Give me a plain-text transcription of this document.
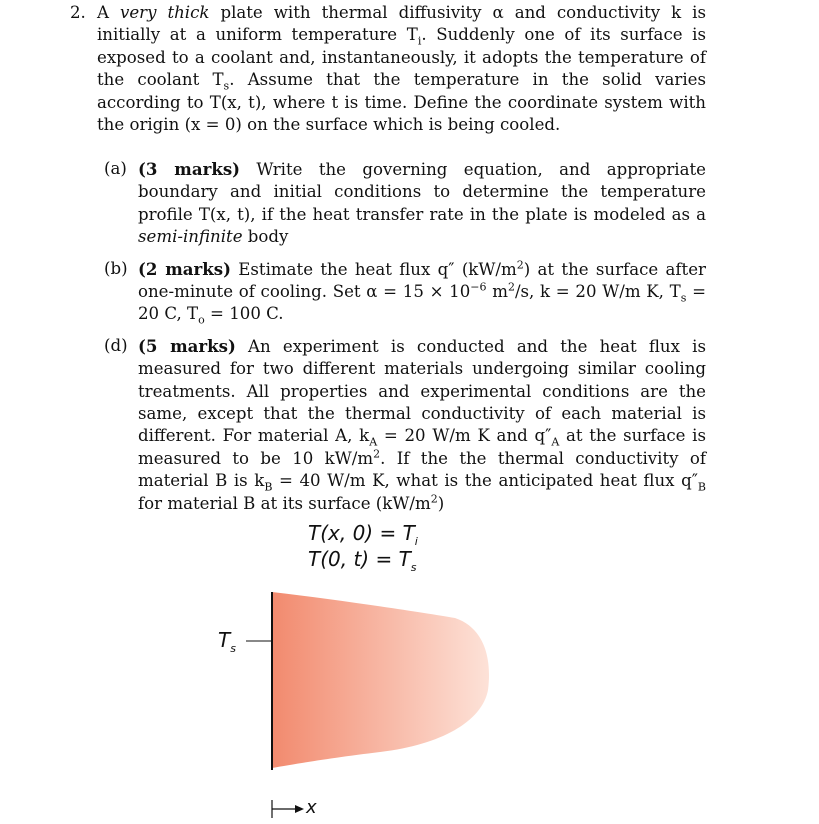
2. A very thick plate with thermal diffusivity α and conductivity k is initially at a uniform temperature $T_i$. Suddenly one of its surface is exposed to a coolant and, instantaneously, it adopts the temperature of the coolant $T_s$. Assume that the temperature in the solid varies according to T(x, t), where t is time. Define the coordinate system with the origin (x = 0) on the surface which is being cooled.
(a) (3 marks) Write the governing equation, and appropriate boundary and initial conditions to determine the temperature profile T(x, t), if the heat transfer rate in the plate is modeled as a semi-infinite body
(b) (2 marks) Estimate the heat flux q″ $(kW/m^2)$ at the surface after one-minute of cooling. Set $\alpha = 15 \times 10^{-6}$ $m^2/s$, k = 20 W/m K, $T_s = 20$ C, $T_o = 100$ C.
(d) (5 marks) An experiment is conducted and the heat flux is measured for two different materials undergoing similar cooling treatments. All properties and experimental conditions are the same, except that the thermal conductivity of each material is different. For material A, $k_A = 20$ W/m K and $q''_A$ at the surface is measured to be 10 $kW/m^2$. If the the thermal conductivity of material B is $k_B = 40$ W/m K, what is the anticipated heat flux $q''_B$ for material B at its surface $(kW/m^2)$
T(x, $0) = T_i$
T(0, $t) = T_s$
$T_s$
x
